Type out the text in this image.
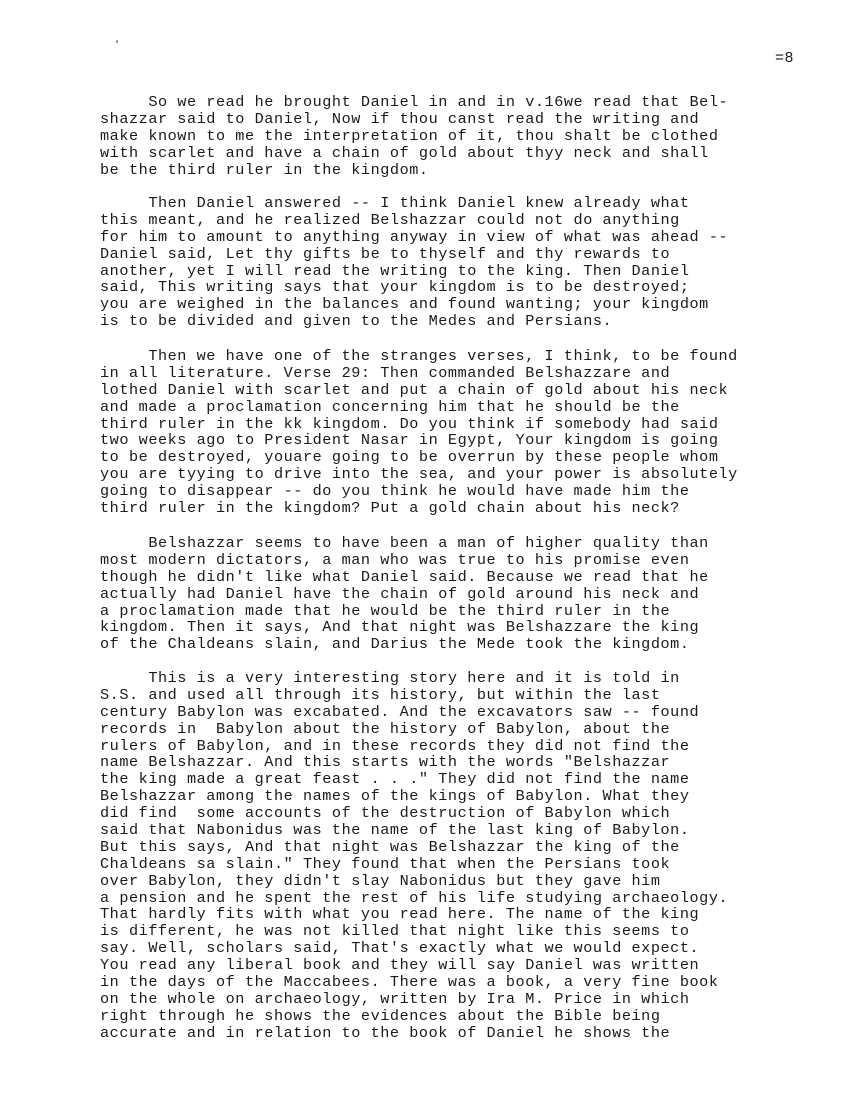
=8
So we read he brought Daniel in and in v.16we read that Bel-
shazzar said to Daniel, Now if thou canst read the writing and
make known to me the interpretation of it, thou shalt be clothed
with scarlet and have a chain of gold about thyy neck and shall
be the third ruler in the kingdom.
Then Daniel answered -- I think Daniel knew already what
this meant, and he realized Belshazzar could not do anything
for him to amount to anything anyway in view of what was ahead --
Daniel said, Let thy gifts be to thyself and thy rewards to
another, yet I will read the writing to the king. Then Daniel
said, This writing says that your kingdom is to be destroyed;
you are weighed in the balances and found wanting; your kingdom
is to be divided and given to the Medes and Persians.
Then we have one of the stranges verses, I think, to be found
in all literature. Verse 29: Then commanded Belshazzare and
lothed Daniel with scarlet and put a chain of gold about his neck
and made a proclamation concerning him that he should be the
third ruler in the kk kingdom. Do you think if somebody had said
two weeks ago to President Nasar in Egypt, Your kingdom is going
to be destroyed, youare going to be overrun by these people whom
you are tyying to drive into the sea, and your power is absolutely
going to disappear -- do you think he would have made him the
third ruler in the kingdom? Put a gold chain about his neck?
Belshazzar seems to have been a man of higher quality than
most modern dictators, a man who was true to his promise even
though he didn't like what Daniel said. Because we read that he
actually had Daniel have the chain of gold around his neck and
a proclamation made that he would be the third ruler in the
kingdom. Then it says, And that night was Belshazzare the king
of the Chaldeans slain, and Darius the Mede took the kingdom.
This is a very interesting story here and it is told in
S.S. and used all through its history, but within the last
century Babylon was excabated. And the excavators saw -- found
records in  Babylon about the history of Babylon, about the
rulers of Babylon, and in these records they did not find the
name Belshazzar. And this starts with the words "Belshazzar
the king made a great feast . . ." They did not find the name
Belshazzar among the names of the kings of Babylon. What they
did find  some accounts of the destruction of Babylon which
said that Nabonidus was the name of the last king of Babylon.
But this says, And that night was Belshazzar the king of the
Chaldeans sa slain." They found that when the Persians took
over Babylon, they didn't slay Nabonidus but they gave him
a pension and he spent the rest of his life studying archaeology.
That hardly fits with what you read here. The name of the king
is different, he was not killed that night like this seems to
say. Well, scholars said, That's exactly what we would expect.
You read any liberal book and they will say Daniel was written
in the days of the Maccabees. There was a book, a very fine book
on the whole on archaeology, written by Ira M. Price in which
right through he shows the evidences about the Bible being
accurate and in relation to the book of Daniel he shows the
